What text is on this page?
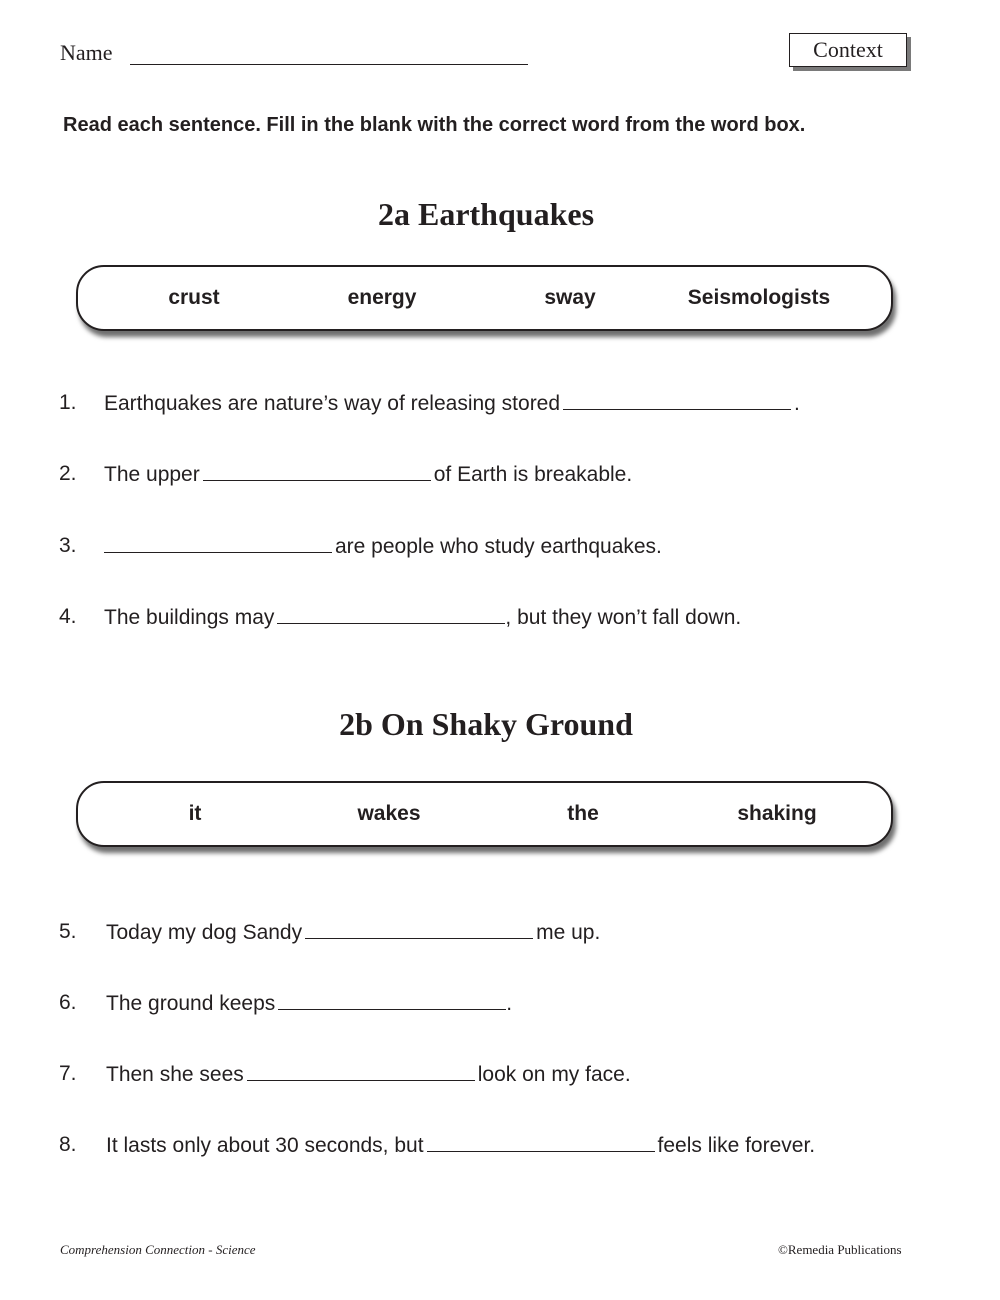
Name	Context
Read each sentence. Fill in the blank with the correct word from the word box.
2a Earthquakes
crust	energy	sway	Seismologists
1. Earthquakes are nature’s way of releasing stored	.
2. The upper	of Earth is breakable.
3.	are people who study earthquakes.
4. The buildings may	, but they won’t fall down.
2b On Shaky Ground
it	wakes	the	shaking
5. Today my dog Sandy	me up.
6. The ground keeps	.
7. Then she sees	look on my face.
8. It lasts only about 30 seconds, but	feels like forever.
Comprehension Connection - Science	©Remedia Publications
